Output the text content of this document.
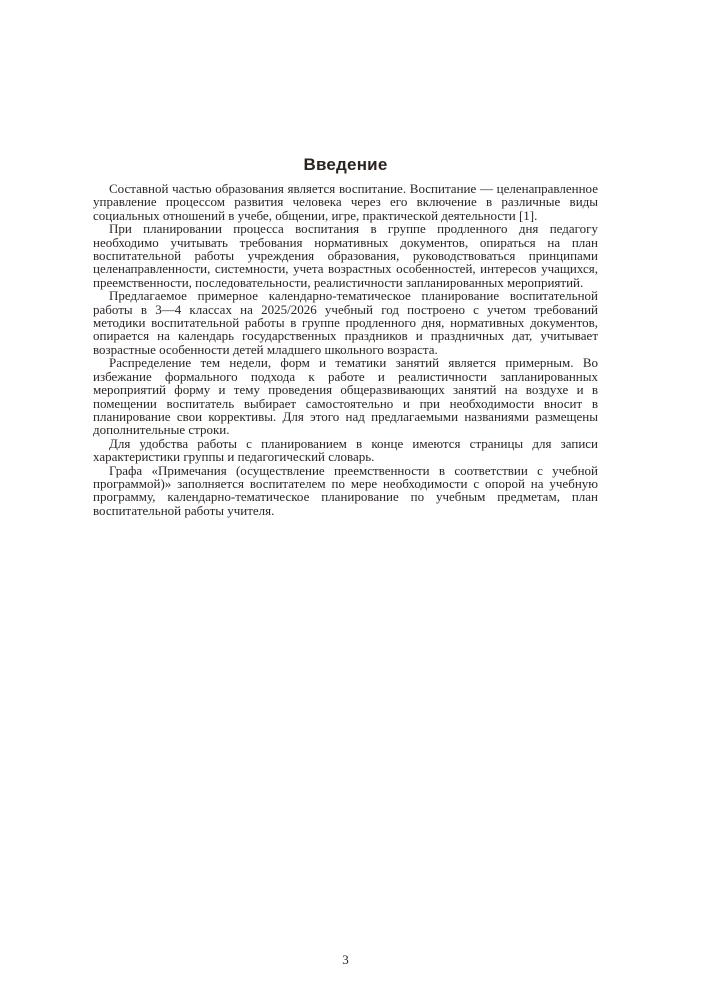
Введение

Составной частью образования является воспитание. Воспитание — целенаправленное управление процессом развития человека через его включение в различные виды социальных отношений в учебе, общении, игре, практической деятельности [1].

При планировании процесса воспитания в группе продленного дня педагогу необходимо учитывать требования нормативных документов, опираться на план воспитательной работы учреждения образования, руководствоваться принципами целенаправленности, системности, учета возрастных особенностей, интересов учащихся, преемственности, последовательности, реалистичности запланированных мероприятий.

Предлагаемое примерное календарно-тематическое планирование воспитательной работы в 3—4 классах на 2025/2026 учебный год построено с учетом требований методики воспитательной работы в группе продленного дня, нормативных документов, опирается на календарь государственных праздников и праздничных дат, учитывает возрастные особенности детей младшего школьного возраста.

Распределение тем недели, форм и тематики занятий является примерным. Во избежание формального подхода к работе и реалистичности запланированных мероприятий форму и тему проведения общеразвивающих занятий на воздухе и в помещении воспитатель выбирает самостоятельно и при необходимости вносит в планирование свои коррективы. Для этого над предлагаемыми названиями размещены дополнительные строки.

Для удобства работы с планированием в конце имеются страницы для записи характеристики группы и педагогический словарь.

Графа «Примечания (осуществление преемственности в соответствии с учебной программой)» заполняется воспитателем по мере необходимости с опорой на учебную программу, календарно-тематическое планирование по учебным предметам, план воспитательной работы учителя.

3
